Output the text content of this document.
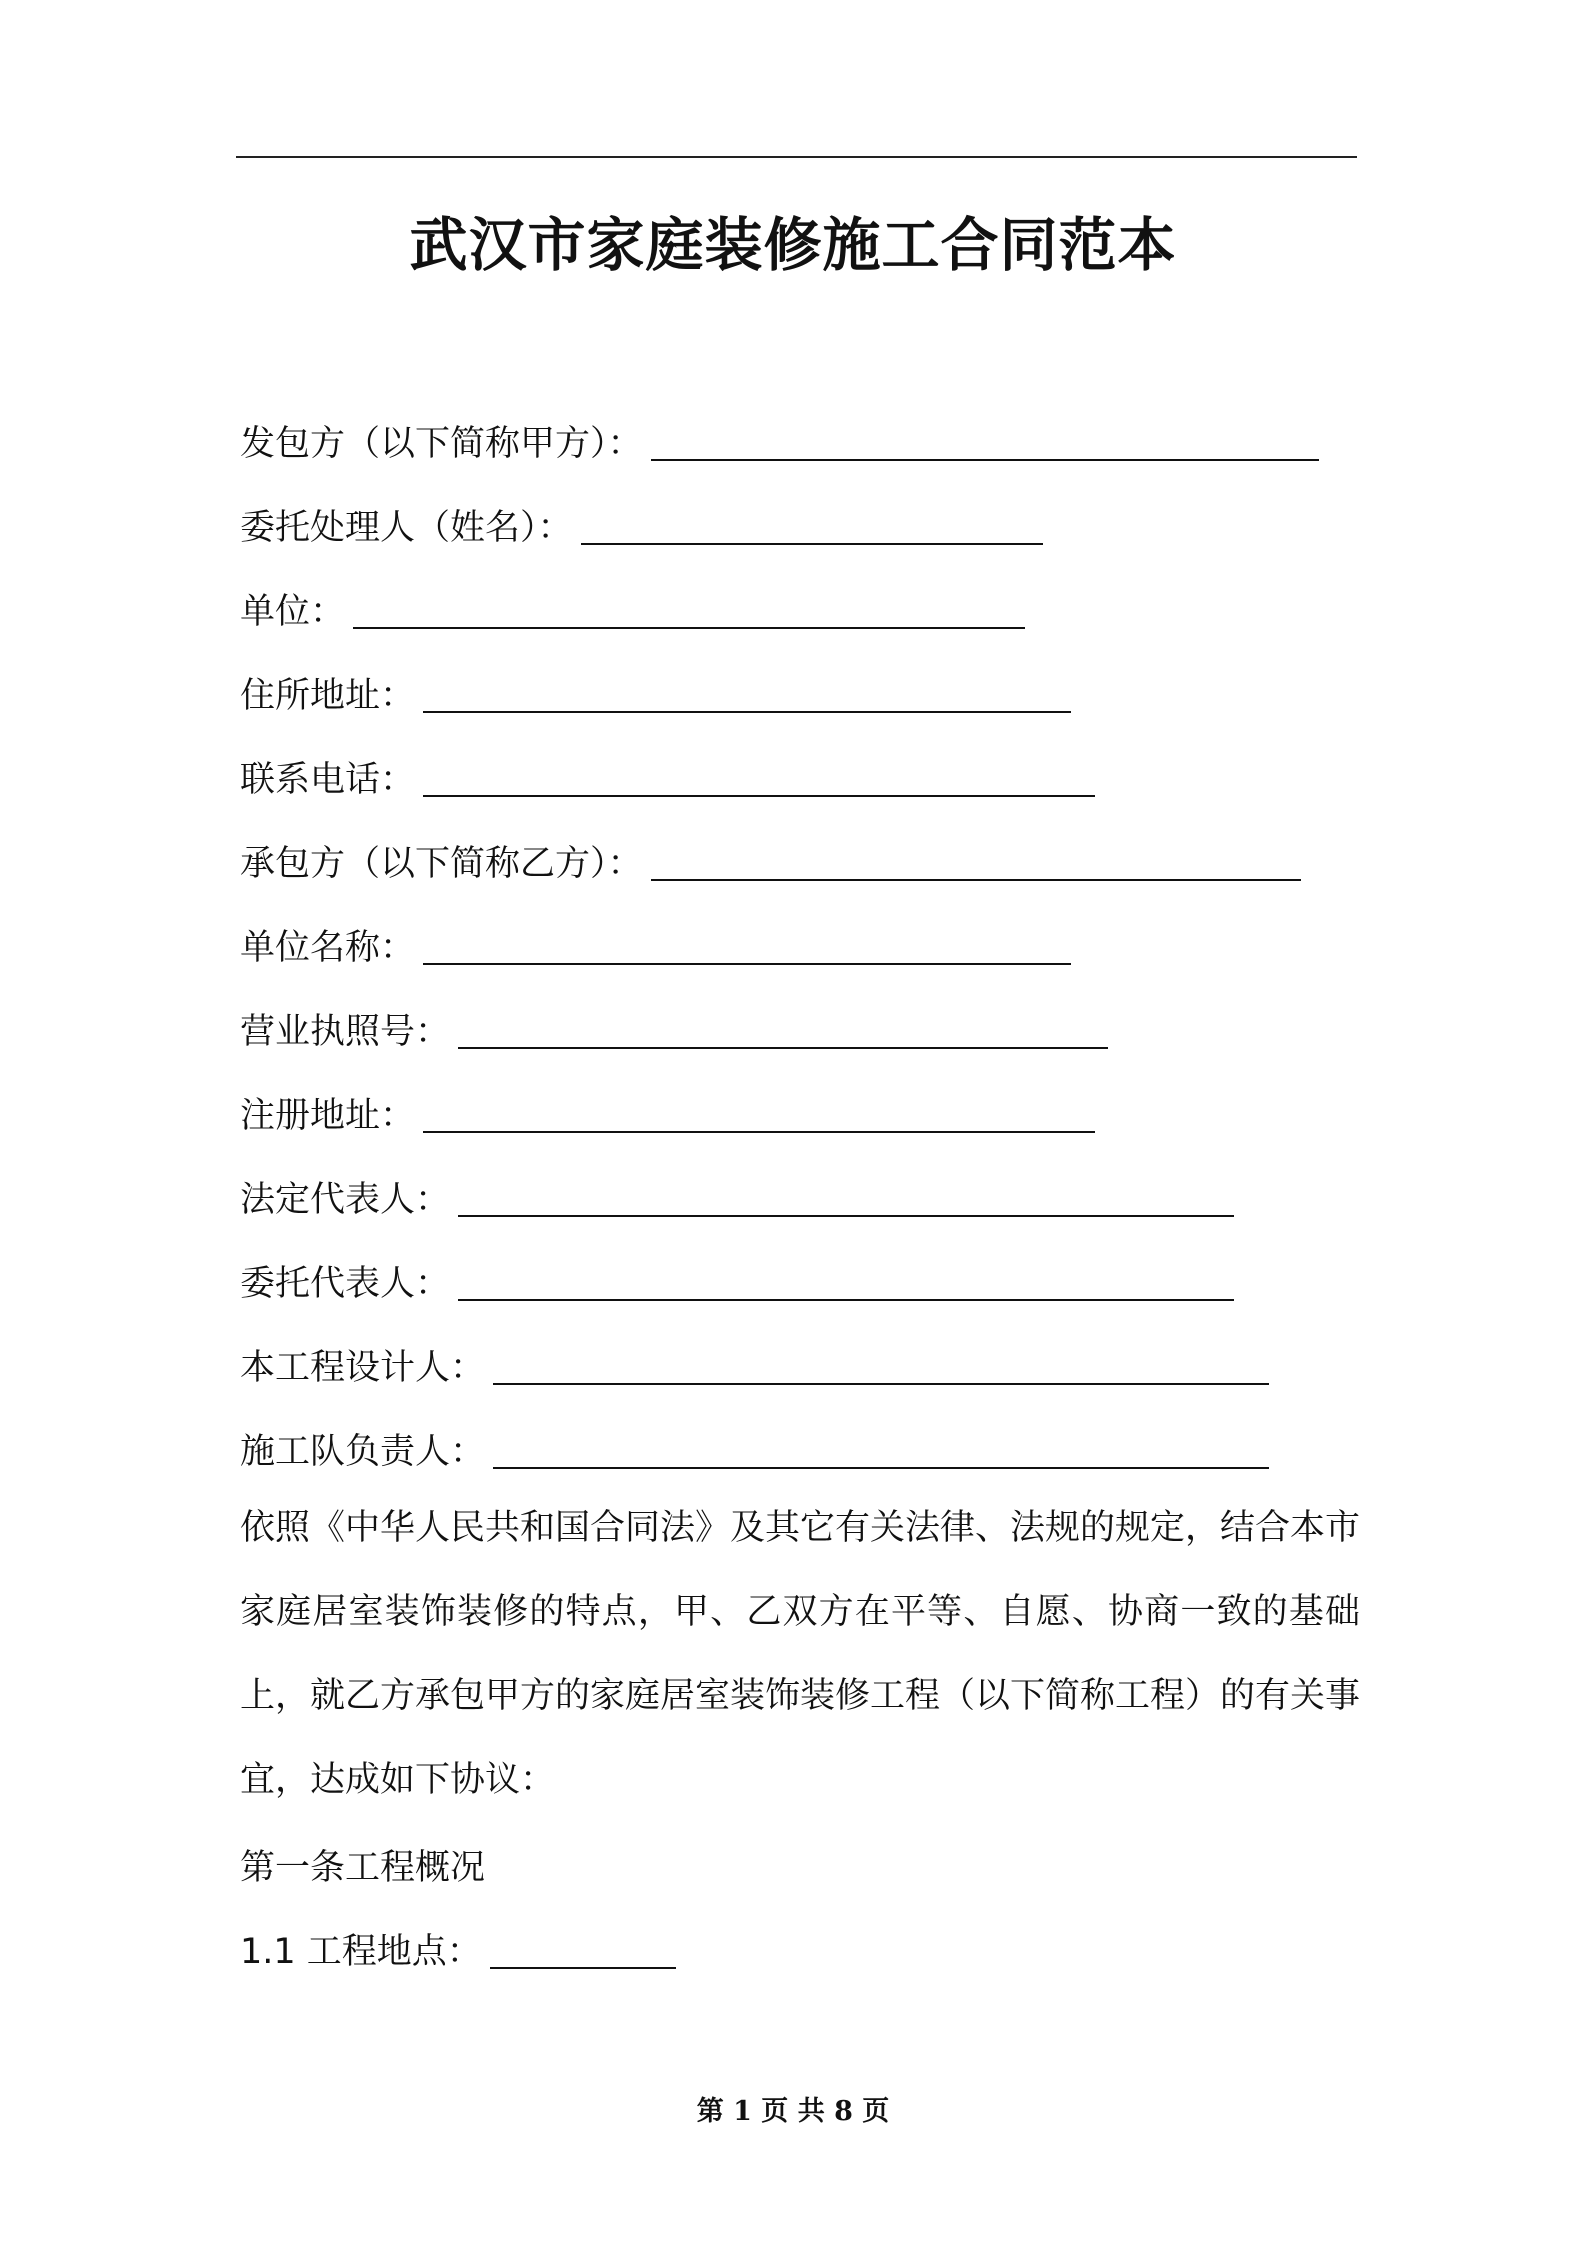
武汉市家庭装修施工合同范本
发包方（以下简称甲方）：
委托处理人（姓名）：
单位：
住所地址：
联系电话：
承包方（以下简称乙方）：
单位名称：
营业执照号：
注册地址：
法定代表人：
委托代表人：
本工程设计人：
施工队负责人：
依照《中华人民共和国合同法》及其它有关法律、法规的规定，结合本市家庭居室装饰装修的特点，甲、乙双方在平等、自愿、协商一致的基础上，就乙方承包甲方的家庭居室装饰装修工程（以下简称工程）的有关事宜，达成如下协议：
第一条工程概况
1.1 工程地点：
第 1 页 共 8 页
